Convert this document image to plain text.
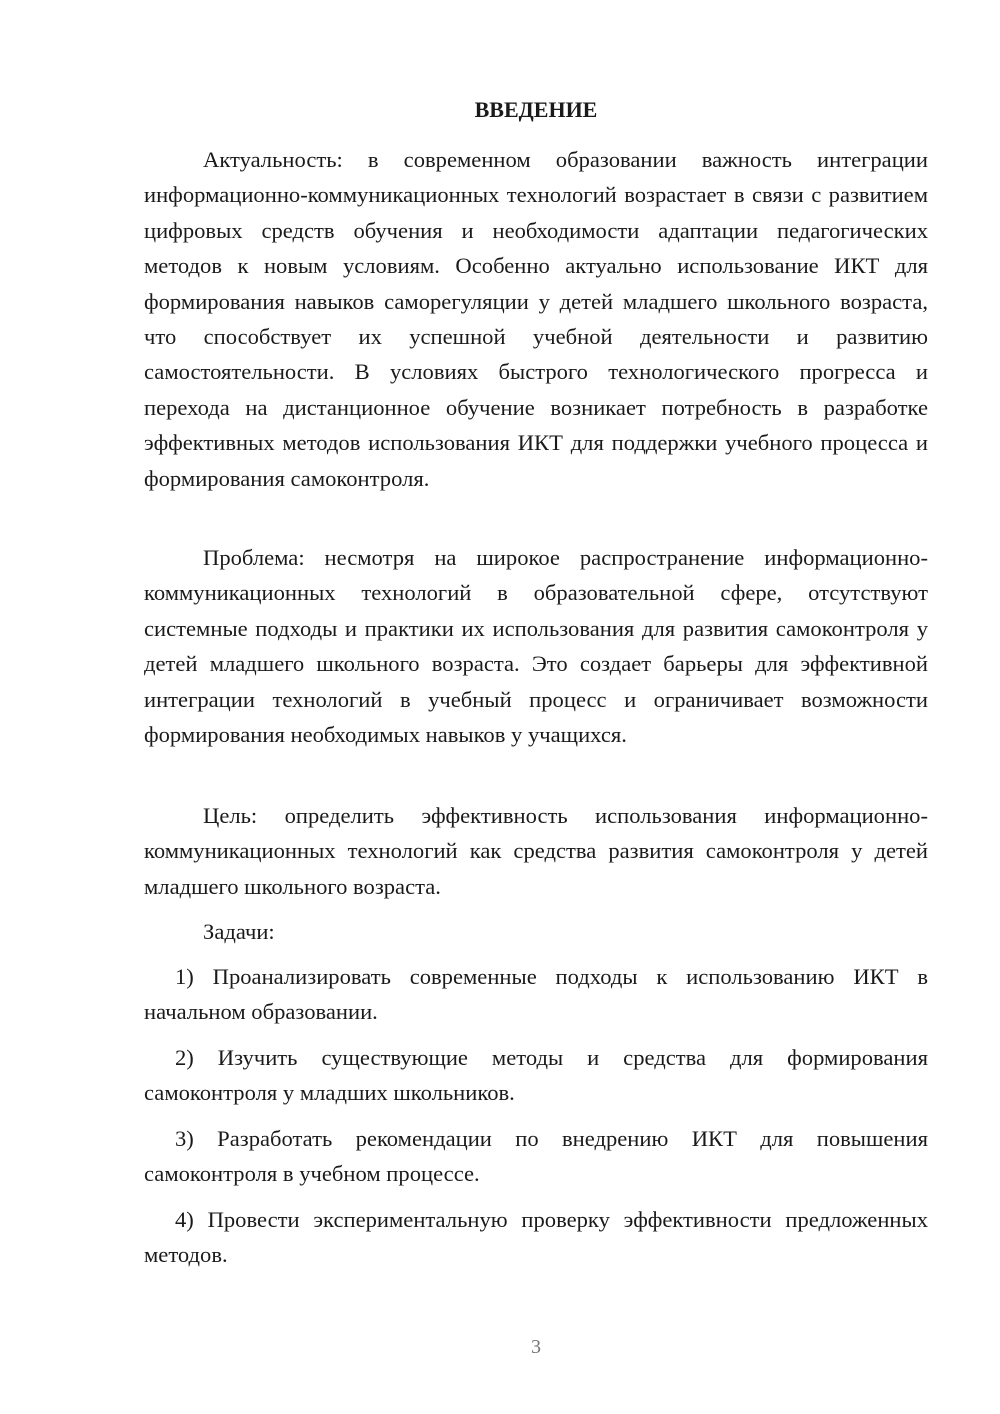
ВВЕДЕНИЕ

Актуальность: в современном образовании важность интеграции информационно-коммуникационных технологий возрастает в связи с развитием цифровых средств обучения и необходимости адаптации педагогических методов к новым условиям. Особенно актуально использование ИКТ для формирования навыков саморегуляции у детей младшего школьного возраста, что способствует их успешной учебной деятельности и развитию самостоятельности. В условиях быстрого технологического прогресса и перехода на дистанционное обучение возникает потребность в разработке эффективных методов использования ИКТ для поддержки учебного процесса и формирования самоконтроля.

Проблема: несмотря на широкое распространение информационно-коммуникационных технологий в образовательной сфере, отсутствуют системные подходы и практики их использования для развития самоконтроля у детей младшего школьного возраста. Это создает барьеры для эффективной интеграции технологий в учебный процесс и ограничивает возможности формирования необходимых навыков у учащихся.

Цель: определить эффективность использования информационно-коммуникационных технологий как средства развития самоконтроля у детей младшего школьного возраста.

Задачи:

1) Проанализировать современные подходы к использованию ИКТ в начальном образовании.

2) Изучить существующие методы и средства для формирования самоконтроля у младших школьников.

3) Разработать рекомендации по внедрению ИКТ для повышения самоконтроля в учебном процессе.

4) Провести экспериментальную проверку эффективности предложенных методов.

3
